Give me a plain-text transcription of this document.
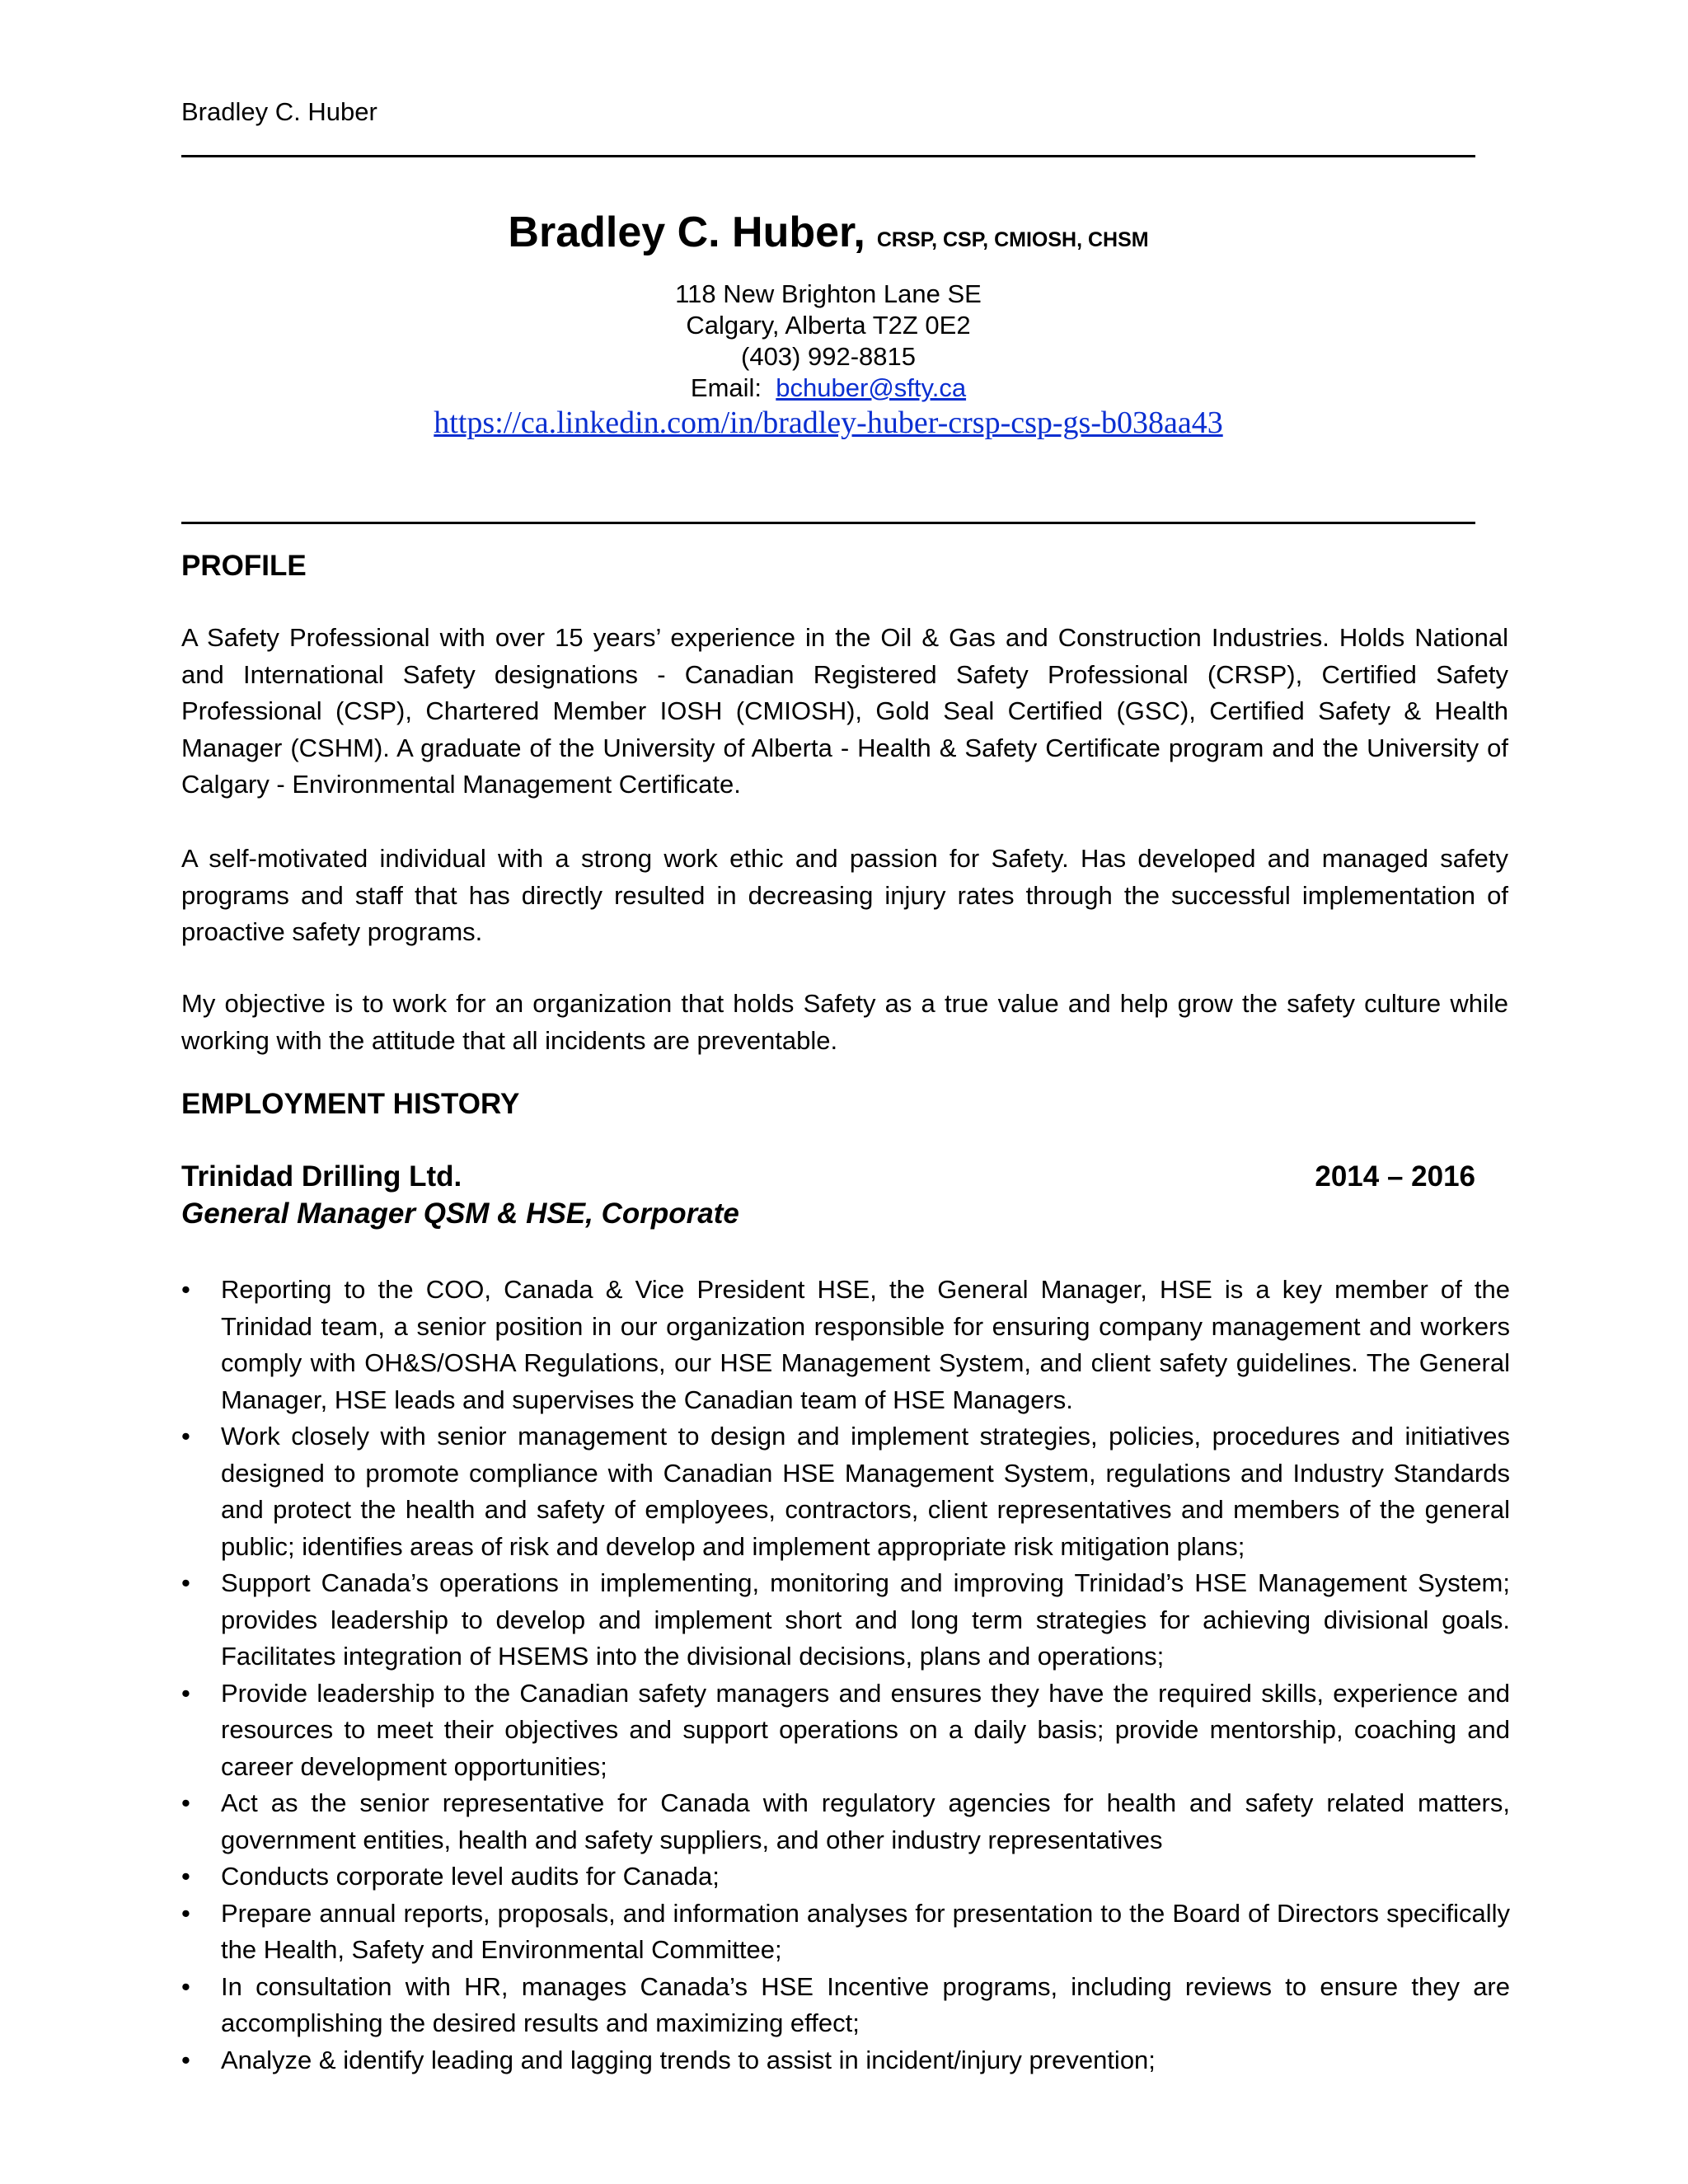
Bradley C. Huber
Bradley C. Huber, CRSP, CSP, CMIOSH, CHSM
118 New Brighton Lane SE
Calgary, Alberta T2Z 0E2
(403) 992-8815
Email: bchuber@sfty.ca
https://ca.linkedin.com/in/bradley-huber-crsp-csp-gs-b038aa43
PROFILE

A Safety Professional with over 15 years’ experience in the Oil & Gas and Construction Industries. Holds National and International Safety designations - Canadian Registered Safety Professional (CRSP), Certified Safety Professional (CSP), Chartered Member IOSH (CMIOSH), Gold Seal Certified (GSC), Certified Safety & Health Manager (CSHM). A graduate of the University of Alberta - Health & Safety Certificate program and the University of Calgary - Environmental Management Certificate.

A self-motivated individual with a strong work ethic and passion for Safety. Has developed and managed safety programs and staff that has directly resulted in decreasing injury rates through the successful implementation of proactive safety programs.

My objective is to work for an organization that holds Safety as a true value and help grow the safety culture while working with the attitude that all incidents are preventable.

EMPLOYMENT HISTORY
Trinidad Drilling Ltd.	2014 – 2016
General Manager QSM & HSE, Corporate
• Reporting to the COO, Canada & Vice President HSE, the General Manager, HSE is a key member of the Trinidad team, a senior position in our organization responsible for ensuring company management and workers comply with OH&S/OSHA Regulations, our HSE Management System, and client safety guidelines. The General Manager, HSE leads and supervises the Canadian team of HSE Managers.
• Work closely with senior management to design and implement strategies, policies, procedures and initiatives designed to promote compliance with Canadian HSE Management System, regulations and Industry Standards and protect the health and safety of employees, contractors, client representatives and members of the general public; identifies areas of risk and develop and implement appropriate risk mitigation plans;
• Support Canada’s operations in implementing, monitoring and improving Trinidad’s HSE Management System; provides leadership to develop and implement short and long term strategies for achieving divisional goals. Facilitates integration of HSEMS into the divisional decisions, plans and operations;
• Provide leadership to the Canadian safety managers and ensures they have the required skills, experience and resources to meet their objectives and support operations on a daily basis; provide mentorship, coaching and career development opportunities;
• Act as the senior representative for Canada with regulatory agencies for health and safety related matters, government entities, health and safety suppliers, and other industry representatives
• Conducts corporate level audits for Canada;
• Prepare annual reports, proposals, and information analyses for presentation to the Board of Directors specifically the Health, Safety and Environmental Committee;
• In consultation with HR, manages Canada’s HSE Incentive programs, including reviews to ensure they are accomplishing the desired results and maximizing effect;
• Analyze & identify leading and lagging trends to assist in incident/injury prevention;
